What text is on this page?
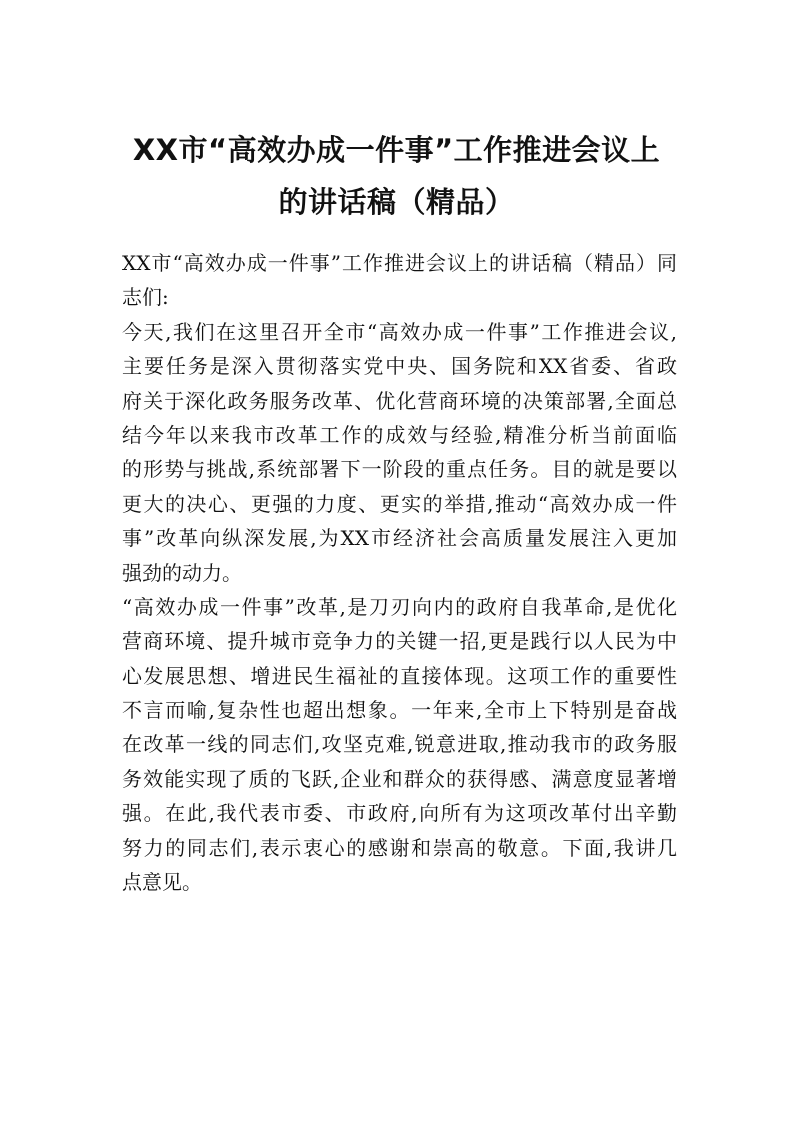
XX市“高效办成一件事”工作推进会议上
的讲话稿（精品）
XX市“高效办成一件事”工作推进会议上的讲话稿（精品）同
志们:
今天,我们在这里召开全市“高效办成一件事”工作推进会议,
主要任务是深入贯彻落实党中央、国务院和XX省委、省政
府关于深化政务服务改革、优化营商环境的决策部署,全面总
结今年以来我市改革工作的成效与经验,精准分析当前面临
的形势与挑战,系统部署下一阶段的重点任务。目的就是要以
更大的决心、更强的力度、更实的举措,推动“高效办成一件
事”改革向纵深发展,为XX市经济社会高质量发展注入更加
强劲的动力。
“高效办成一件事”改革,是刀刃向内的政府自我革命,是优化
营商环境、提升城市竞争力的关键一招,更是践行以人民为中
心发展思想、增进民生福祉的直接体现。这项工作的重要性
不言而喻,复杂性也超出想象。一年来,全市上下特别是奋战
在改革一线的同志们,攻坚克难,锐意进取,推动我市的政务服
务效能实现了质的飞跃,企业和群众的获得感、满意度显著增
强。在此,我代表市委、市政府,向所有为这项改革付出辛勤
努力的同志们,表示衷心的感谢和崇高的敬意。下面,我讲几
点意见。
